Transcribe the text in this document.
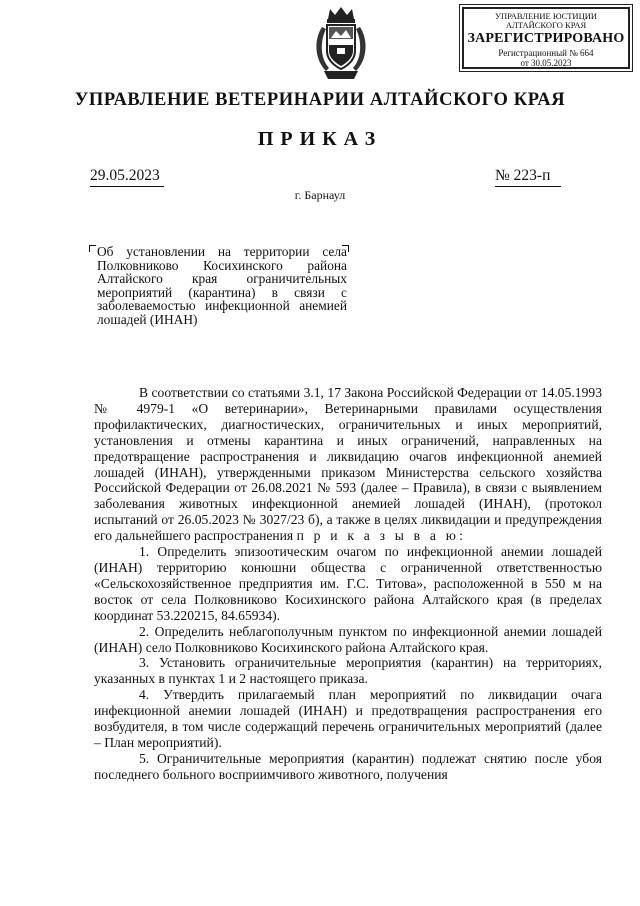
УПРАВЛЕНИЕ ЮСТИЦИИ
АЛТАЙСКОГО КРАЯ
ЗАРЕГИСТРИРОВАНО
Регистрационный № 664
от 30.05.2023
УПРАВЛЕНИЕ ВЕТЕРИНАРИИ АЛТАЙСКОГО КРАЯ
ПРИКАЗ
29.05.2023	№ 223-п
г. Барнаул
Об установлении на территории села Полковниково Косихинского района Алтайского края ограничительных мероприятий (карантина) в связи с заболеваемостью инфекционной анемией лошадей (ИНАН)

В соответствии со статьями 3.1, 17 Закона Российской Федерации от 14.05.1993 № 4979-1 «О ветеринарии», Ветеринарными правилами осуществления профилактических, диагностических, ограничительных и иных мероприятий, установления и отмены карантина и иных ограничений, направленных на предотвращение распространения и ликвидацию очагов инфекционной анемией лошадей (ИНАН), утвержденными приказом Министерства сельского хозяйства Российской Федерации от 26.08.2021 № 593 (далее – Правила), в связи с выявлением заболевания животных инфекционной анемией лошадей (ИНАН), (протокол испытаний от 26.05.2023 № 3027/23 б), а также в целях ликвидации и предупреждения его дальнейшего распространения п р и к а з ы в а ю:

1. Определить эпизоотическим очагом по инфекционной анемии лошадей (ИНАН) территорию конюшни общества с ограниченной ответственностью «Сельскохозяйственное предприятия им. Г.С. Титова», расположенной в 550 м на восток от села Полковниково Косихинского района Алтайского края (в пределах координат 53.220215, 84.65934).

2. Определить неблагополучным пунктом по инфекционной анемии лошадей (ИНАН) село Полковниково Косихинского района Алтайского края.

3. Установить ограничительные мероприятия (карантин) на территориях, указанных в пунктах 1 и 2 настоящего приказа.

4. Утвердить прилагаемый план мероприятий по ликвидации очага инфекционной анемии лошадей (ИНАН) и предотвращения распространения его возбудителя, в том числе содержащий перечень ограничительных мероприятий (далее – План мероприятий).

5. Ограничительные мероприятия (карантин) подлежат снятию после убоя последнего больного восприимчивого животного, получения
